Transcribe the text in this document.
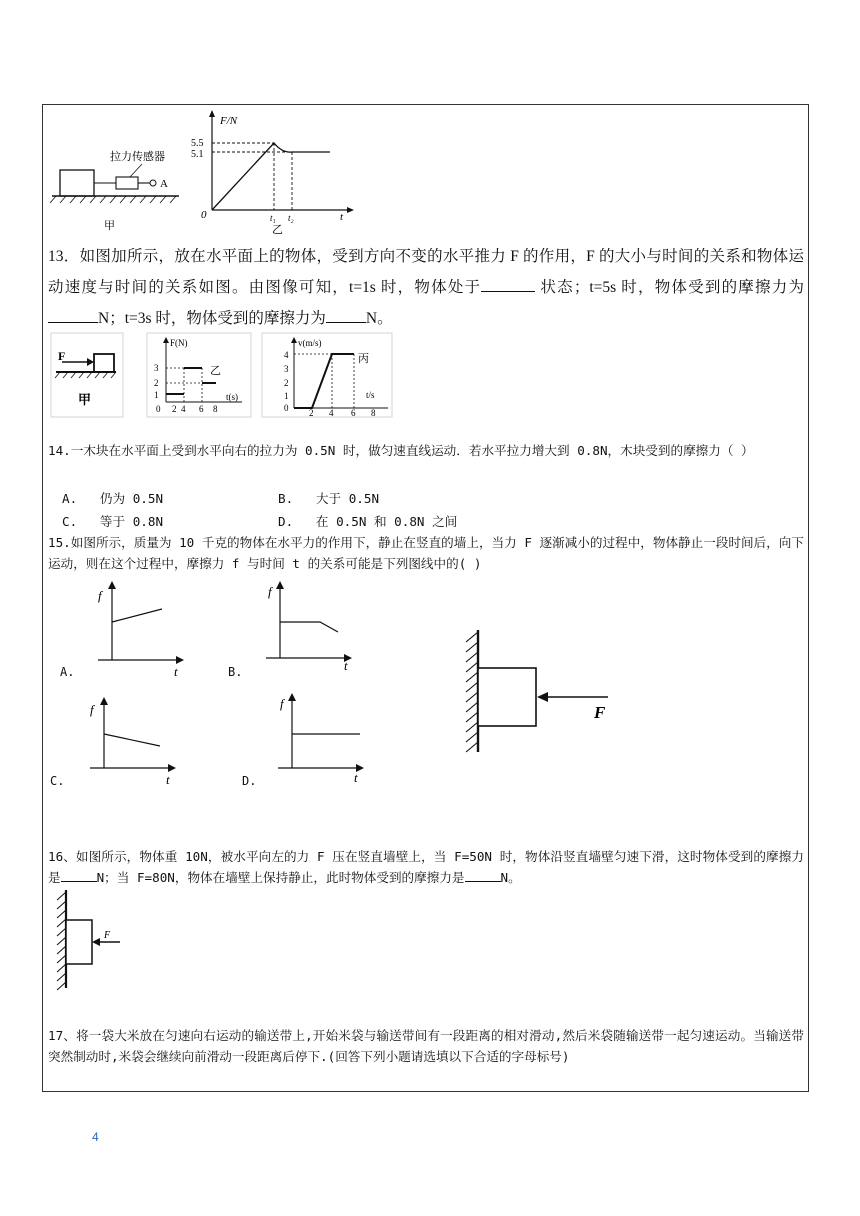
拉力传感器
A
甲
F/N
5.5
5.1
0	t₁ t₂	t
乙
13．如图加所示，放在水平面上的物体，受到方向不变的水平推力 F 的作用，F 的大小与时间的关系和物体运动速度与时间的关系如图。由图像可知，t=1s 时，物体处于	状态；t=5s 时，物体受到的摩擦力为N；t=3s 时，物体受到的摩擦力为	N。
F
甲
F(N)
乙
3
2
1
0 2 4 6 8
t(s)
v(m/s)
丙
4
3
2
1
0 2 4 6 8
t/s
14.一木块在水平面上受到水平向右的拉力为 0.5N 时，做匀速直线运动．若水平拉力增大到 0.8N，木块受到的摩擦力（ ）
A. 仍为 0.5N	B. 大于 0.5N
C. 等于 0.8N	D. 在 0.5N 和 0.8N 之间
15.如图所示，质量为 10 千克的物体在水平力的作用下，静止在竖直的墙上，当力 F 逐渐减小的过程中，物体静止一段时间后，向下运动，则在这个过程中，摩擦力 f 与时间 t 的关系可能是下列图线中的( )
f
t
A.
f
t
B.
f
t
C.
f
t
D.
F
16、如图所示，物体重 10N，被水平向左的力 F 压在竖直墙壁上，当 F=50N 时，物体沿竖直墙壁匀速下滑，这时物体受到的摩擦力是	N；当 F=80N，物体在墙壁上保持静止，此时物体受到的摩擦力是	N。
F
17、将一袋大米放在匀速向右运动的输送带上,开始米袋与输送带间有一段距离的相对滑动,然后米袋随输送带一起匀速运动。当输送带突然制动时,米袋会继续向前滑动一段距离后停下.(回答下列小题请选填以下合适的字母标号)
4
